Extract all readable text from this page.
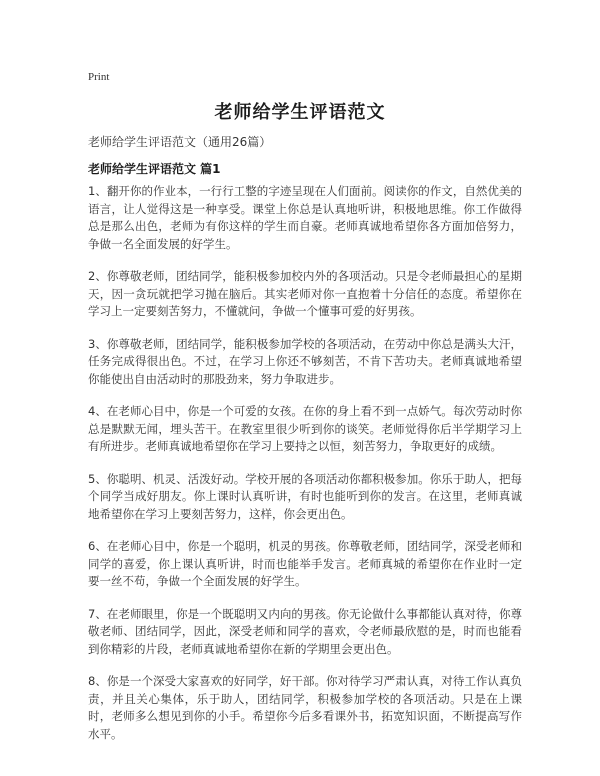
Print
老师给学生评语范文
老师给学生评语范文（通用26篇）
老师给学生评语范文 篇1

1、翻开你的作业本，一行行工整的字迹呈现在人们面前。阅读你的作文，自然优美的语言，让人觉得这是一种享受。课堂上你总是认真地听讲，积极地思维。你工作做得总是那么出色，老师为有你这样的学生而自豪。老师真诚地希望你各方面加倍努力，争做一名全面发展的好学生。

2、你尊敬老师，团结同学，能积极参加校内外的各项活动。只是令老师最担心的星期天，因一贪玩就把学习抛在脑后。其实老师对你一直抱着十分信任的态度。希望你在学习上一定要刻苦努力，不懂就问，争做一个懂事可爱的好男孩。

3、你尊敬老师，团结同学，能积极参加学校的各项活动，在劳动中你总是满头大汗，任务完成得很出色。不过，在学习上你还不够刻苦，不肯下苦功夫。老师真诚地希望你能使出自由活动时的那股劲来，努力争取进步。

4、在老师心目中，你是一个可爱的女孩。在你的身上看不到一点娇气。每次劳动时你总是默默无闻，埋头苦干。在教室里很少听到你的谈笑。老师觉得你后半学期学习上有所进步。老师真诚地希望你在学习上要持之以恒，刻苦努力，争取更好的成绩。

5、你聪明、机灵、活泼好动。学校开展的各项活动你都积极参加。你乐于助人，把每个同学当成好朋友。你上课时认真听讲，有时也能听到你的发言。在这里，老师真诚地希望你在学习上要刻苦努力，这样，你会更出色。

6、在老师心目中，你是一个聪明，机灵的男孩。你尊敬老师，团结同学，深受老师和同学的喜爱，你上课认真听讲，时而也能举手发言。老师真城的希望你在作业时一定要一丝不苟，争做一个全面发展的好学生。

7、在老师眼里，你是一个既聪明又内向的男孩。你无论做什么事都能认真对待，你尊敬老师、团结同学，因此，深受老师和同学的喜欢，令老师最欣慰的是，时而也能看到你精彩的片段，老师真诚地希望你在新的学期里会更出色。

8、你是一个深受大家喜欢的好同学，好干部。你对待学习严肃认真，对待工作认真负责，并且关心集体，乐于助人，团结同学，积极参加学校的各项活动。只是在上课时，老师多么想见到你的小手。希望你今后多看课外书，拓宽知识面，不断提高写作水平。
